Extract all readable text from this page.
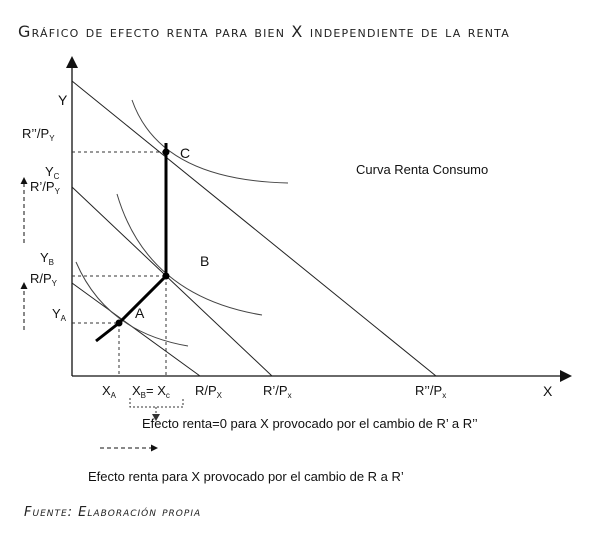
Gráfico de efecto renta para bien X independiente de la renta
Y
X
A
B
C
Curva Renta Consumo
$R’’/P_Y$
$Y_C$
$R’/P_Y$
$Y_B$
$R/P_Y$
$Y_A$
$X_A$ $X_B= X_c$ $R/P_X$	$R’/P_x$	$R’’/P_x$
Efecto renta=0 para X provocado por el cambio de R’ a R’’
Efecto renta para X provocado por el cambio de R a R’
Fuente: Elaboración propia
